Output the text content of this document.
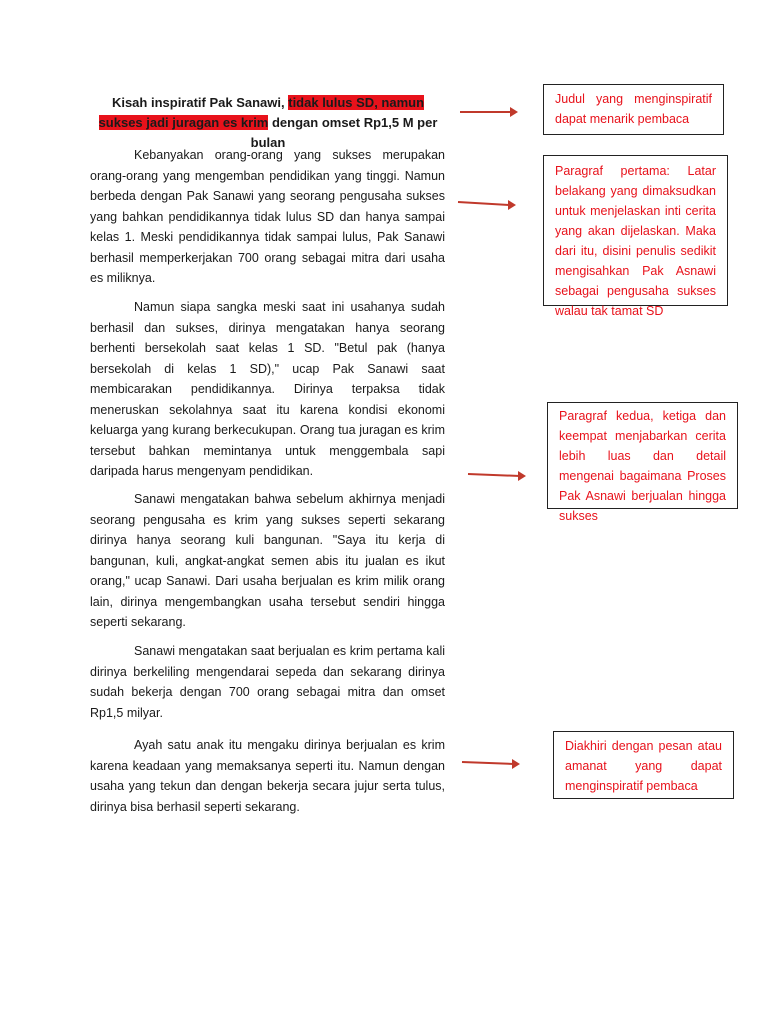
Kisah inspiratif Pak Sanawi, tidak lulus SD, namun sukses jadi juragan es krim dengan omset Rp1,5 M per bulan

Kebanyakan orang-orang yang sukses merupakan orang-orang yang mengemban pendidikan yang tinggi. Namun berbeda dengan Pak Sanawi yang seorang pengusaha sukses yang bahkan pendidikannya tidak lulus SD dan hanya sampai kelas 1. Meski pendidikannya tidak sampai lulus, Pak Sanawi berhasil memperkerjakan 700 orang sebagai mitra dari usaha es miliknya.

Namun siapa sangka meski saat ini usahanya sudah berhasil dan sukses, dirinya mengatakan hanya seorang berhenti bersekolah saat kelas 1 SD. "Betul pak (hanya bersekolah di kelas 1 SD)," ucap Pak Sanawi saat membicarakan pendidikannya. Dirinya terpaksa tidak meneruskan sekolahnya saat itu karena kondisi ekonomi keluarga yang kurang berkecukupan. Orang tua juragan es krim tersebut bahkan memintanya untuk menggembala sapi daripada harus mengenyam pendidikan.

Sanawi mengatakan bahwa sebelum akhirnya menjadi seorang pengusaha es krim yang sukses seperti sekarang dirinya hanya seorang kuli bangunan. "Saya itu kerja di bangunan, kuli, angkat-angkat semen abis itu jualan es ikut orang," ucap Sanawi. Dari usaha berjualan es krim milik orang lain, dirinya mengembangkan usaha tersebut sendiri hingga seperti sekarang.

Sanawi mengatakan saat berjualan es krim pertama kali dirinya berkeliling mengendarai sepeda dan sekarang dirinya sudah bekerja dengan 700 orang sebagai mitra dan omset Rp1,5 milyar.

Ayah satu anak itu mengaku dirinya berjualan es krim karena keadaan yang memaksanya seperti itu. Namun dengan usaha yang tekun dan dengan bekerja secara jujur serta tulus, dirinya bisa berhasil seperti sekarang.

Judul yang menginspiratif dapat menarik pembaca
Paragraf pertama: Latar belakang yang dimaksudkan untuk menjelaskan inti cerita yang akan dijelaskan. Maka dari itu, disini penulis sedikit mengisahkan Pak Asnawi sebagai pengusaha sukses walau tak tamat SD
Paragraf kedua, ketiga dan keempat menjabarkan cerita lebih luas dan detail mengenai bagaimana Proses Pak Asnawi berjualan hingga sukses
Diakhiri dengan pesan atau amanat yang dapat menginspiratif pembaca
